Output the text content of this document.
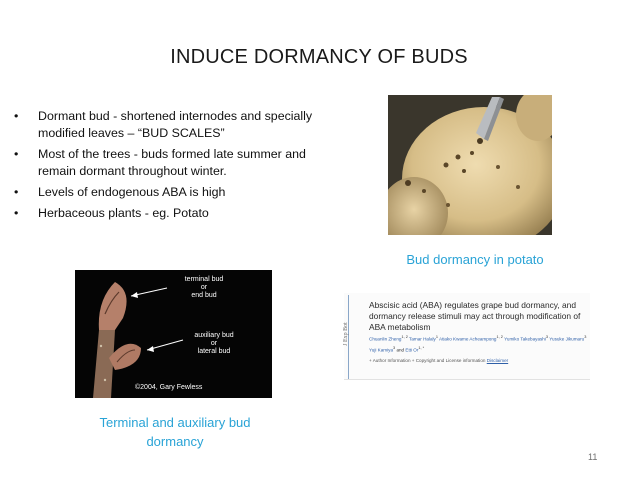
INDUCE DORMANCY OF BUDS
• Dormant bud - shortened internodes and specially modified leaves – “BUD SCALES”
• Most of the trees - buds formed late summer and remain dormant throughout winter.
• Levels of endogenous ABA is high
• Herbaceous plants - eg. Potato
Bud dormancy in potato
terminal bud
or
end bud
auxiliary bud
or
lateral bud
©2004, Gary Fewless
Terminal and auxiliary bud
dormancy
J Exp Bot
Abscisic acid (ABA) regulates grape bud dormancy, and dormancy release stimuli may act through modification of ABA metabolism
Chuanlin Zheng$^{1, 2}$ Tamar Halaly$^1$ Atiako Kwame Acheampong$^{1, 2}$ Yumiko Takebayashi$^3$ Yusuke Jikumaru$^3$ Yuji Kamiya$^3$ and Etti $Or^{1, *}$
+ Author Information + Copyright and License information Disclaimer
11
